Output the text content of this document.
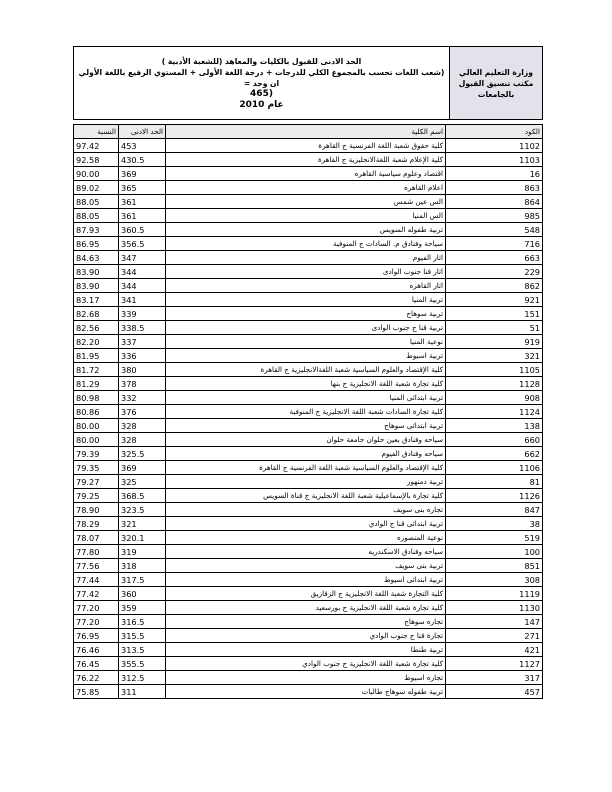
الحد الادنى للقبول بالكليات والمعاهد (للشعبة الأدبية )
(شعب اللغات تحسب بالمجموع الكلي للدرجات + درجة اللغة الأولى + المستوي الرفيع باللغة الأولي ان وجد =
(465
عام 2010
وزارة التعليم العالي
مكتب تنسيق القبول
بالجامعات
النسبة	الحد الادنى	اسم الكلية	الكود
97.42	453	كلية حقوق شعبة اللغة الفرنسية ج القاهرة	1102
92.58	430.5	كلية الإعلام شعبة اللغةالانجليزية ج القاهرة	1103
90.00	369	اقتصاد وعلوم سياسية القاهره	16
89.02	365	اعلام القاهره	863
88.05	361	الس عين شمس	864
88.05	361	الس المنيا	985
87.93	360.5	تربية طفوله السويس	548
86.95	356.5	سياحة وفنادق م. السادات ج المنوفية	716
84.63	347	اثار الفيوم	663
83.90	344	اثار قنا جنوب الوادى	229
83.90	344	اثار القاهره	862
83.17	341	تربية المنيا	921
82.68	339	تربية سوهاج	151
82.56	338.5	تربية قنا ج جنوب الوادى	51
82.20	337	نوعية المنيا	919
81.95	336	تربية اسيوط	321
81.72	380	كلية الإقتصاد والعلوم السياسية شعبة اللغةالانجليزية ج القاهرة	1105
81.29	378	كلية تجارة شعبة اللغة الانجليزية ج بنها	1128
80.98	332	تربية ابتدائى المنيا	908
80.86	376	كلية تجارة السادات شعبة اللغة الانجليزية ج المنوفية	1124
80.00	328	تربية ابتدائى سوهاج	138
80.00	328	سياحه وفنادق بعين حلوان جامعة حلوان	660
79.39	325.5	سياحه وفنادق الفيوم	662
79.35	369	كلية الإقتصاد والعلوم السياسية شعبة اللغة الفرنسية ج القاهرة	1106
79.27	325	تربية دمنهور	81
79.25	368.5	كلية تجارة بالإسماعيلية شعبة اللغة الانجليزية ج قناة السويس	1126
78.90	323.5	تجاره بنى سويف	847
78.29	321	تربية ابتدائى قنا ج الوادي	38
78.07	320.1	نوعية المنصوره	519
77.80	319	سياحه وفنادق الاسكندريه	100
77.56	318	تربية بنى سويف	851
77.44	317.5	تربية ابتدائى اسيوط	308
77.42	360	كلية التجارة شعبة اللغة الانجليزية ج الزقازيق	1119
77.20	359	كلية تجارة شعبة اللغة الانجليزية ج بورسعيد	1130
77.20	316.5	تجاره سوهاج	147
76.95	315.5	تجارة قنا ج جنوب الوادي	271
76.46	313.5	تربية طنطا	421
76.45	355.5	كلية تجارة شعبة اللغة الانجليزية ج جنوب الوادي	1127
76.22	312.5	تجاره اسيوط	317
75.85	311	تربية طفوله سوهاج طالبات	457
